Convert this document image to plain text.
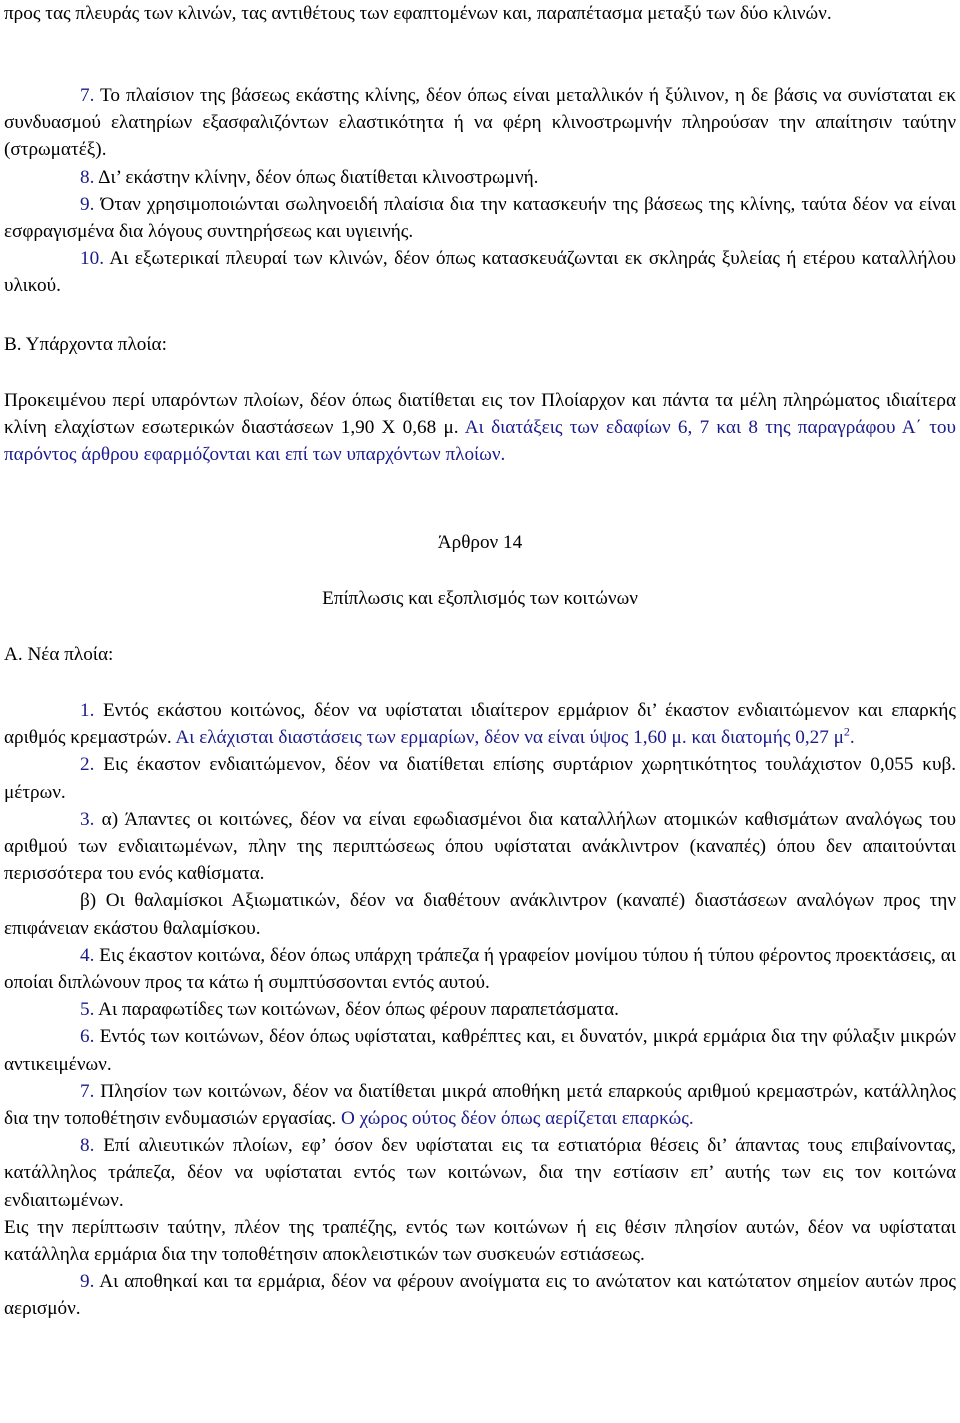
προς τας πλευράς των κλινών, τας αντιθέτους των εφαπτομένων και, παραπέτασμα μεταξύ των δύο κλινών.

7. Το πλαίσιον της βάσεως εκάστης κλίνης, δέον όπως είναι μεταλλικόν ή ξύλινον, η δε βάσις να συνίσταται εκ συνδυασμού ελατηρίων εξασφαλιζόντων ελαστικότητα ή να φέρη κλινοστρωμνήν πληρούσαν την απαίτησιν ταύτην (στρωματέξ).

8. Δι’ εκάστην κλίνην, δέον όπως διατίθεται κλινοστρωμνή.

9. Όταν χρησιμοποιώνται σωληνοειδή πλαίσια δια την κατασκευήν της βάσεως της κλίνης, ταύτα δέον να είναι εσφραγισμένα δια λόγους συντηρήσεως και υγιεινής.

10. Αι εξωτερικαί πλευραί των κλινών, δέον όπως κατασκευάζωνται εκ σκληράς ξυλείας ή ετέρου καταλλήλου υλικού.

Β. Υπάρχοντα πλοία:

Προκειμένου περί υπαρόντων πλοίων, δέον όπως διατίθεται εις τον Πλοίαρχον και πάντα τα μέλη πληρώματος ιδιαίτερα κλίνη ελαχίστων εσωτερικών διαστάσεων 1,90 Χ 0,68 μ. Αι διατάξεις των εδαφίων 6, 7 και 8 της παραγράφου Α΄ του παρόντος άρθρου εφαρμόζονται και επί των υπαρχόντων πλοίων.

Άρθρον 14

Επίπλωσις και εξοπλισμός των κοιτώνων

Α. Νέα πλοία:

1. Εντός εκάστου κοιτώνος, δέον να υφίσταται ιδιαίτερον ερμάριον δι’ έκαστον ενδιαιτώμενον και επαρκής αριθμός κρεμαστρών. Αι ελάχισται διαστάσεις των ερμαρίων, δέον να είναι ύψος 1,60 μ. και διατομής 0,27 $\mu^2$.

2. Εις έκαστον ενδιαιτώμενον, δέον να διατίθεται επίσης συρτάριον χωρητικότητος τουλάχιστον 0,055 κυβ. μέτρων.

3. α) Άπαντες οι κοιτώνες, δέον να είναι εφωδιασμένοι δια καταλλήλων ατομικών καθισμάτων αναλόγως του αριθμού των ενδιαιτωμένων, πλην της περιπτώσεως όπου υφίσταται ανάκλιντρον (καναπές) όπου δεν απαιτούνται περισσότερα του ενός καθίσματα.

β) Οι θαλαμίσκοι Αξιωματικών, δέον να διαθέτουν ανάκλιντρον (καναπέ) διαστάσεων αναλόγων προς την επιφάνειαν εκάστου θαλαμίσκου.

4. Εις έκαστον κοιτώνα, δέον όπως υπάρχη τράπεζα ή γραφείον μονίμου τύπου ή τύπου φέροντος προεκτάσεις, αι οποίαι διπλώνουν προς τα κάτω ή συμπτύσσονται εντός αυτού.

5. Αι παραφωτίδες των κοιτώνων, δέον όπως φέρουν παραπετάσματα.

6. Εντός των κοιτώνων, δέον όπως υφίσταται, καθρέπτες και, ει δυνατόν, μικρά ερμάρια δια την φύλαξιν μικρών αντικειμένων.

7. Πλησίον των κοιτώνων, δέον να διατίθεται μικρά αποθήκη μετά επαρκούς αριθμού κρεμαστρών, κατάλληλος δια την τοποθέτησιν ενδυμασιών εργασίας. Ο χώρος ούτος δέον όπως αερίζεται επαρκώς.

8. Επί αλιευτικών πλοίων, εφ’ όσον δεν υφίσταται εις τα εστιατόρια θέσεις δι’ άπαντας τους επιβαίνοντας, κατάλληλος τράπεζα, δέον να υφίσταται εντός των κοιτώνων, δια την εστίασιν επ’ αυτής των εις τον κοιτώνα ενδιαιτωμένων.

Εις την περίπτωσιν ταύτην, πλέον της τραπέζης, εντός των κοιτώνων ή εις θέσιν πλησίον αυτών, δέον να υφίσταται κατάλληλα ερμάρια δια την τοποθέτησιν αποκλειστικών των συσκευών εστιάσεως.

9. Αι αποθηκαί και τα ερμάρια, δέον να φέρουν ανοίγματα εις το ανώτατον και κατώτατον σημείον αυτών προς αερισμόν.
